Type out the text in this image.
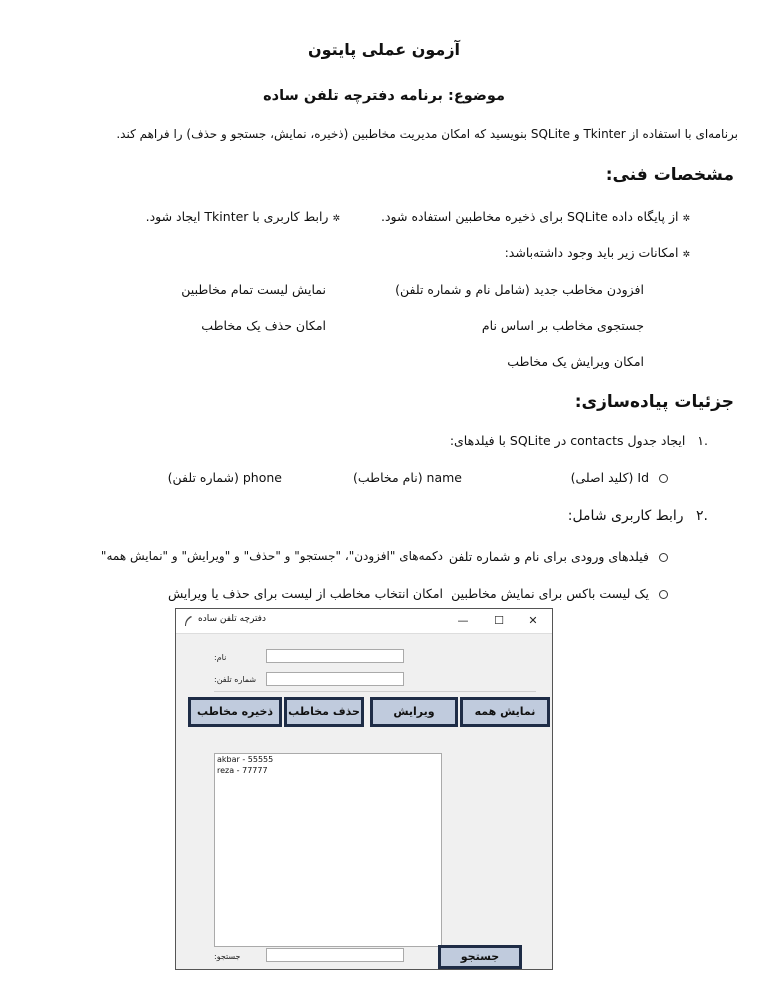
آزمون عملی پایتون
موضوع: برنامه دفترچه تلفن ساده
برنامه‌ای با استفاده از Tkinter و SQLite بنویسید که امکان مدیریت مخاطبین (ذخیره، نمایش، جستجو و حذف) را فراهم کند.
مشخصات فنی:
✲ از پایگاه داده SQLite برای ذخیره مخاطبین استفاده شود.
✲ رابط کاربری با Tkinter ایجاد شود.
✲ امکانات زیر باید وجود داشته‌باشد:
افزودن مخاطب جدید (شامل نام و شماره تلفن)
نمایش لیست تمام مخاطبین
جستجوی مخاطب بر اساس نام
امکان حذف یک مخاطب
امکان ویرایش یک مخاطب
جزئیات پیاده‌سازی:
.۱ ایجاد جدول contacts در SQLite با فیلدهای:
Id (کلید اصلی)
name (نام مخاطب)
phone (شماره تلفن)
.۲ رابط کاربری شامل:
فیلدهای ورودی برای نام و شماره تلفن
دکمه‌های "افزودن"، "جستجو" و "حذف" و "ویرایش" و "نمایش همه"
یک لیست باکس برای نمایش مخاطبین
امکان انتخاب مخاطب از لیست برای حذف یا ویرایش
دفترچه تلفن ساده	—	☐	✕
:نام
:شماره تلفن
ذخیره مخاطب	حذف مخاطب	ویرایش	نمایش همه
akbar - 55555
reza - 77777
:جستجو	جستجو
